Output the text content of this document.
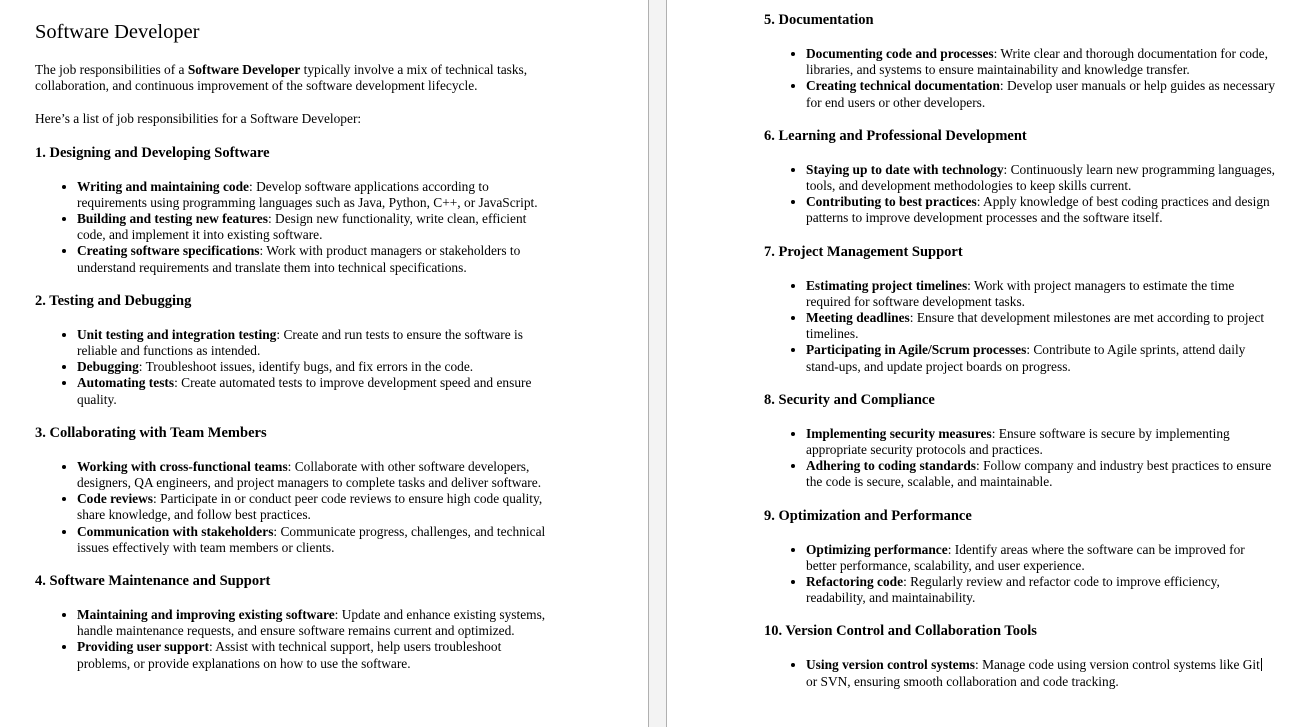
Software Developer

The job responsibilities of a Software Developer typically involve a mix of technical tasks, collaboration, and continuous improvement of the software development lifecycle.

Here’s a list of job responsibilities for a Software Developer:

1. Designing and Developing Software
• Writing and maintaining code: Develop software applications according to requirements using programming languages such as Java, Python, C++, or JavaScript.
• Building and testing new features: Design new functionality, write clean, efficient code, and implement it into existing software.
• Creating software specifications: Work with product managers or stakeholders to understand requirements and translate them into technical specifications.
2. Testing and Debugging
• Unit testing and integration testing: Create and run tests to ensure the software is reliable and functions as intended.
• Debugging: Troubleshoot issues, identify bugs, and fix errors in the code.
• Automating tests: Create automated tests to improve development speed and ensure quality.
3. Collaborating with Team Members
• Working with cross-functional teams: Collaborate with other software developers, designers, QA engineers, and project managers to complete tasks and deliver software.
• Code reviews: Participate in or conduct peer code reviews to ensure high code quality, share knowledge, and follow best practices.
• Communication with stakeholders: Communicate progress, challenges, and technical issues effectively with team members or clients.
4. Software Maintenance and Support
• Maintaining and improving existing software: Update and enhance existing systems, handle maintenance requests, and ensure software remains current and optimized.
• Providing user support: Assist with technical support, help users troubleshoot problems, or provide explanations on how to use the software.
5. Documentation
• Documenting code and processes: Write clear and thorough documentation for code, libraries, and systems to ensure maintainability and knowledge transfer.
• Creating technical documentation: Develop user manuals or help guides as necessary for end users or other developers.
6. Learning and Professional Development
• Staying up to date with technology: Continuously learn new programming languages, tools, and development methodologies to keep skills current.
• Contributing to best practices: Apply knowledge of best coding practices and design patterns to improve development processes and the software itself.
7. Project Management Support
• Estimating project timelines: Work with project managers to estimate the time required for software development tasks.
• Meeting deadlines: Ensure that development milestones are met according to project timelines.
• Participating in Agile/Scrum processes: Contribute to Agile sprints, attend daily stand-ups, and update project boards on progress.
8. Security and Compliance
• Implementing security measures: Ensure software is secure by implementing appropriate security protocols and practices.
• Adhering to coding standards: Follow company and industry best practices to ensure the code is secure, scalable, and maintainable.
9. Optimization and Performance
• Optimizing performance: Identify areas where the software can be improved for better performance, scalability, and user experience.
• Refactoring code: Regularly review and refactor code to improve efficiency, readability, and maintainability.
10. Version Control and Collaboration Tools
• Using version control systems: Manage code using version control systems like Git or SVN, ensuring smooth collaboration and code tracking.
